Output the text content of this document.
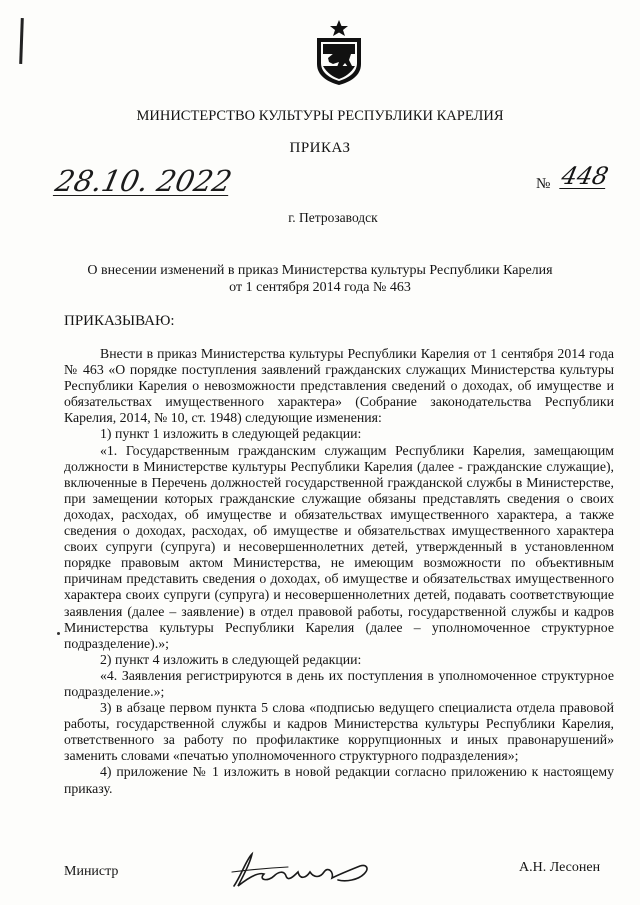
МИНИСТЕРСТВО КУЛЬТУРЫ РЕСПУБЛИКИ КАРЕЛИЯ
ПРИКАЗ
28.10. 2022	№ 448
г. Петрозаводск
О внесении изменений в приказ Министерства культуры Республики Карелия
от 1 сентября 2014 года № 463
ПРИКАЗЫВАЮ:

Внести в приказ Министерства культуры Республики Карелия от 1 сентября 2014 года № 463 «О порядке поступления заявлений гражданских служащих Министерства культуры Республики Карелия о невозможности представления сведений о доходах, об имуществе и обязательствах имущественного характера» (Собрание законодательства Республики Карелия, 2014, № 10, ст. 1948) следующие изменения:

1) пункт 1 изложить в следующей редакции:

«1. Государственным гражданским служащим Республики Карелия, замещающим должности в Министерстве культуры Республики Карелия (далее - гражданские служащие), включенные в Перечень должностей государственной гражданской службы в Министерстве, при замещении которых гражданские служащие обязаны представлять сведения о своих доходах, расходах, об имуществе и обязательствах имущественного характера, а также сведения о доходах, расходах, об имуществе и обязательствах имущественного характера своих супруги (супруга) и несовершеннолетних детей, утвержденный в установленном порядке правовым актом Министерства, не имеющим возможности по объективным причинам представить сведения о доходах, об имуществе и обязательствах имущественного характера своих супруги (супруга) и несовершеннолетних детей, подавать соответствующие заявления (далее – заявление) в отдел правовой работы, государственной службы и кадров Министерства культуры Республики Карелия (далее – уполномоченное структурное подразделение).»;

2) пункт 4 изложить в следующей редакции:

«4. Заявления регистрируются в день их поступления в уполномоченное структурное подразделение.»;

3) в абзаце первом пункта 5 слова «подписью ведущего специалиста отдела правовой работы, государственной службы и кадров Министерства культуры Республики Карелия, ответственного за работу по профилактике коррупционных и иных правонарушений» заменить словами «печатью уполномоченного структурного подразделения»;

4) приложение № 1 изложить в новой редакции согласно приложению к настоящему приказу.

Министр	А.Н. Лесонен
